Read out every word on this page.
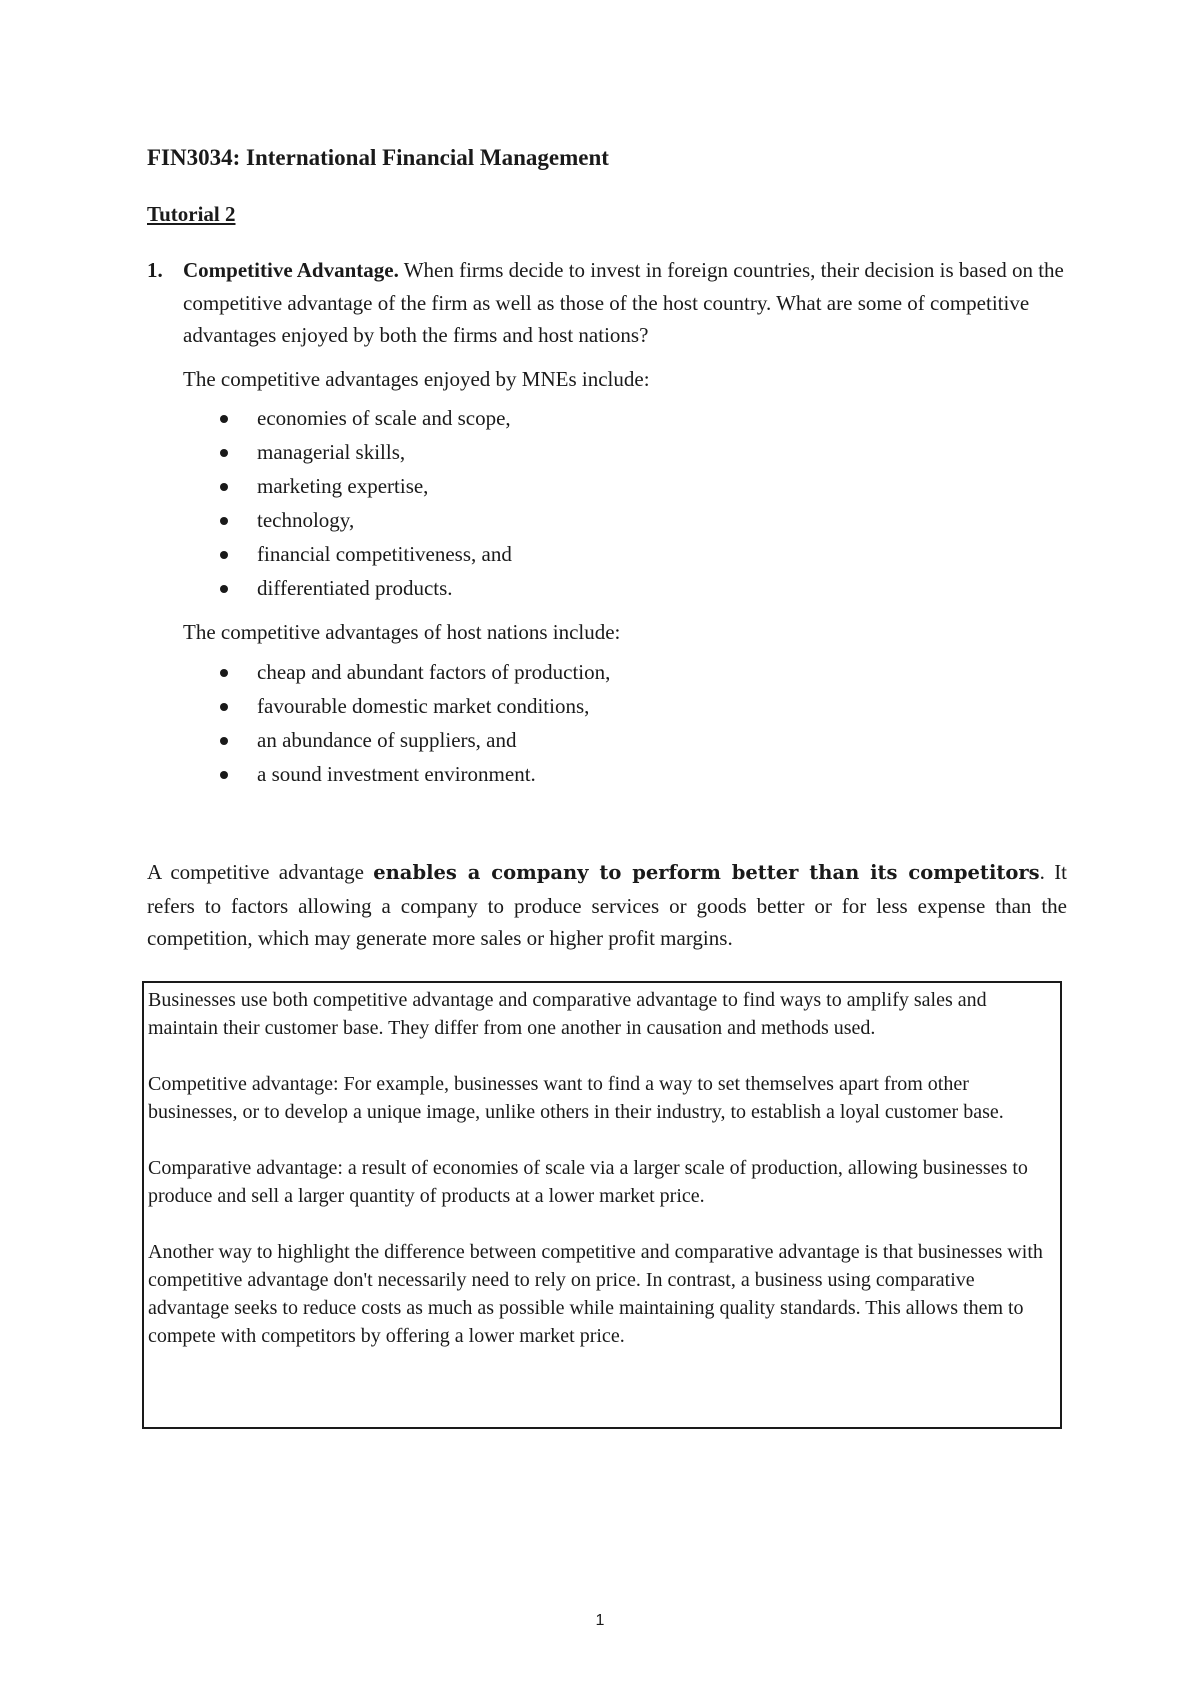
FIN3034: International Financial Management
Tutorial 2
1. Competitive Advantage. When firms decide to invest in foreign countries, their decision is based on the competitive advantage of the firm as well as those of the host country. What are some of competitive advantages enjoyed by both the firms and host nations?

The competitive advantages enjoyed by MNEs include:

economies of scale and scope,
managerial skills,
marketing expertise,
technology,
financial competitiveness, and
differentiated products.

The competitive advantages of host nations include:

cheap and abundant factors of production,
favourable domestic market conditions,
an abundance of suppliers, and
a sound investment environment.

A competitive advantage enables a company to perform better than its competitors. It refers to factors allowing a company to produce services or goods better or for less expense than the competition, which may generate more sales or higher profit margins.

Businesses use both competitive advantage and comparative advantage to find ways to amplify sales and maintain their customer base. They differ from one another in causation and methods used.

Competitive advantage: For example, businesses want to find a way to set themselves apart from other businesses, or to develop a unique image, unlike others in their industry, to establish a loyal customer base.

Comparative advantage: a result of economies of scale via a larger scale of production, allowing businesses to produce and sell a larger quantity of products at a lower market price.

Another way to highlight the difference between competitive and comparative advantage is that businesses with competitive advantage don't necessarily need to rely on price. In contrast, a business using comparative advantage seeks to reduce costs as much as possible while maintaining quality standards. This allows them to compete with competitors by offering a lower market price.

1
